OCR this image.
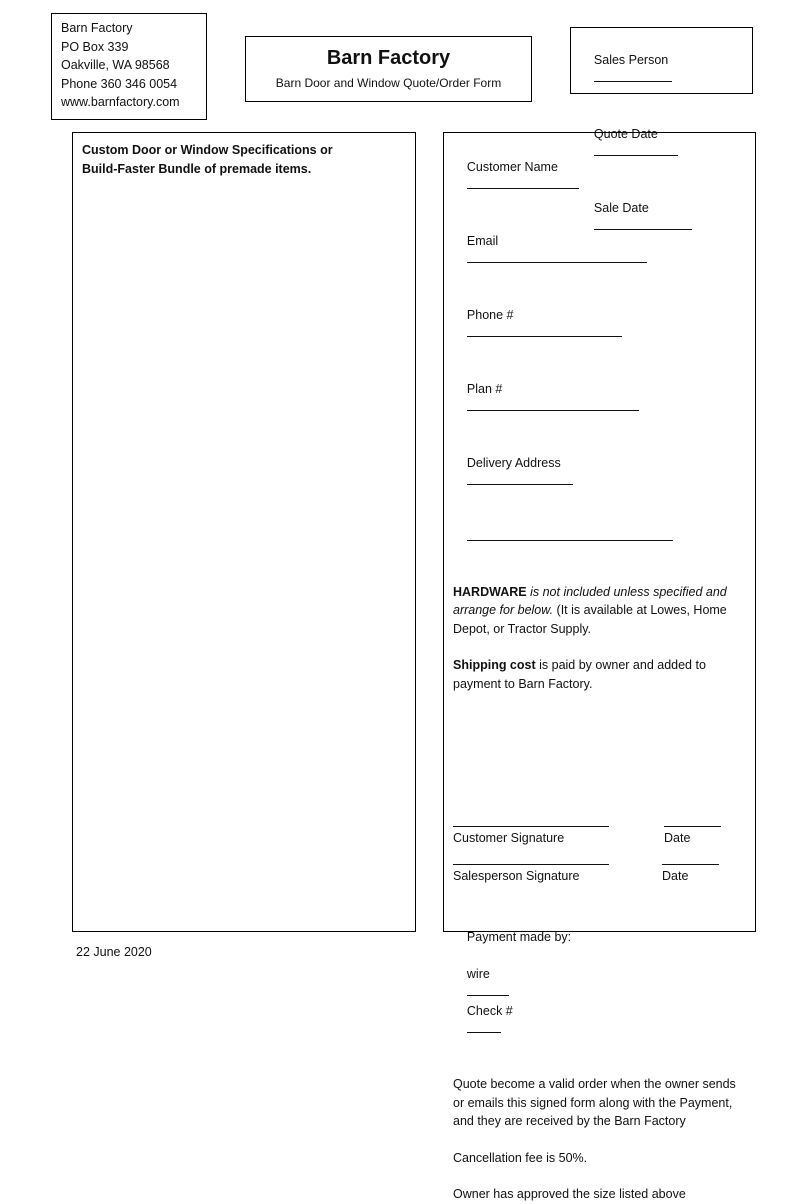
Barn Factory
PO Box 339
Oakville, WA 98568
Phone 360 346 0054
www.barnfactory.com
Barn Factory
Barn Door and Window Quote/Order Form

Sales Person

Quote Date

Sale Date

Custom Door or Window Specifications or
Build-Faster Bundle of premade items.	Customer Name

Email

Phone #

Plan #

Delivery Address

HARDWARE is not included unless specified and arrange for below. (It is available at Lowes, Home Depot, or Tractor Supply.
Shipping cost is paid by owner and added to payment to Barn Factory.

Payment made by:

wire

Check #

Quote become a valid order when the owner sends or emails this signed form along with the Payment, and they are received by the Barn Factory
Cancellation fee is 50%.
Owner has approved the size listed above
Customer Signature	Date
Salesperson Signature	Date
22 June 2020
